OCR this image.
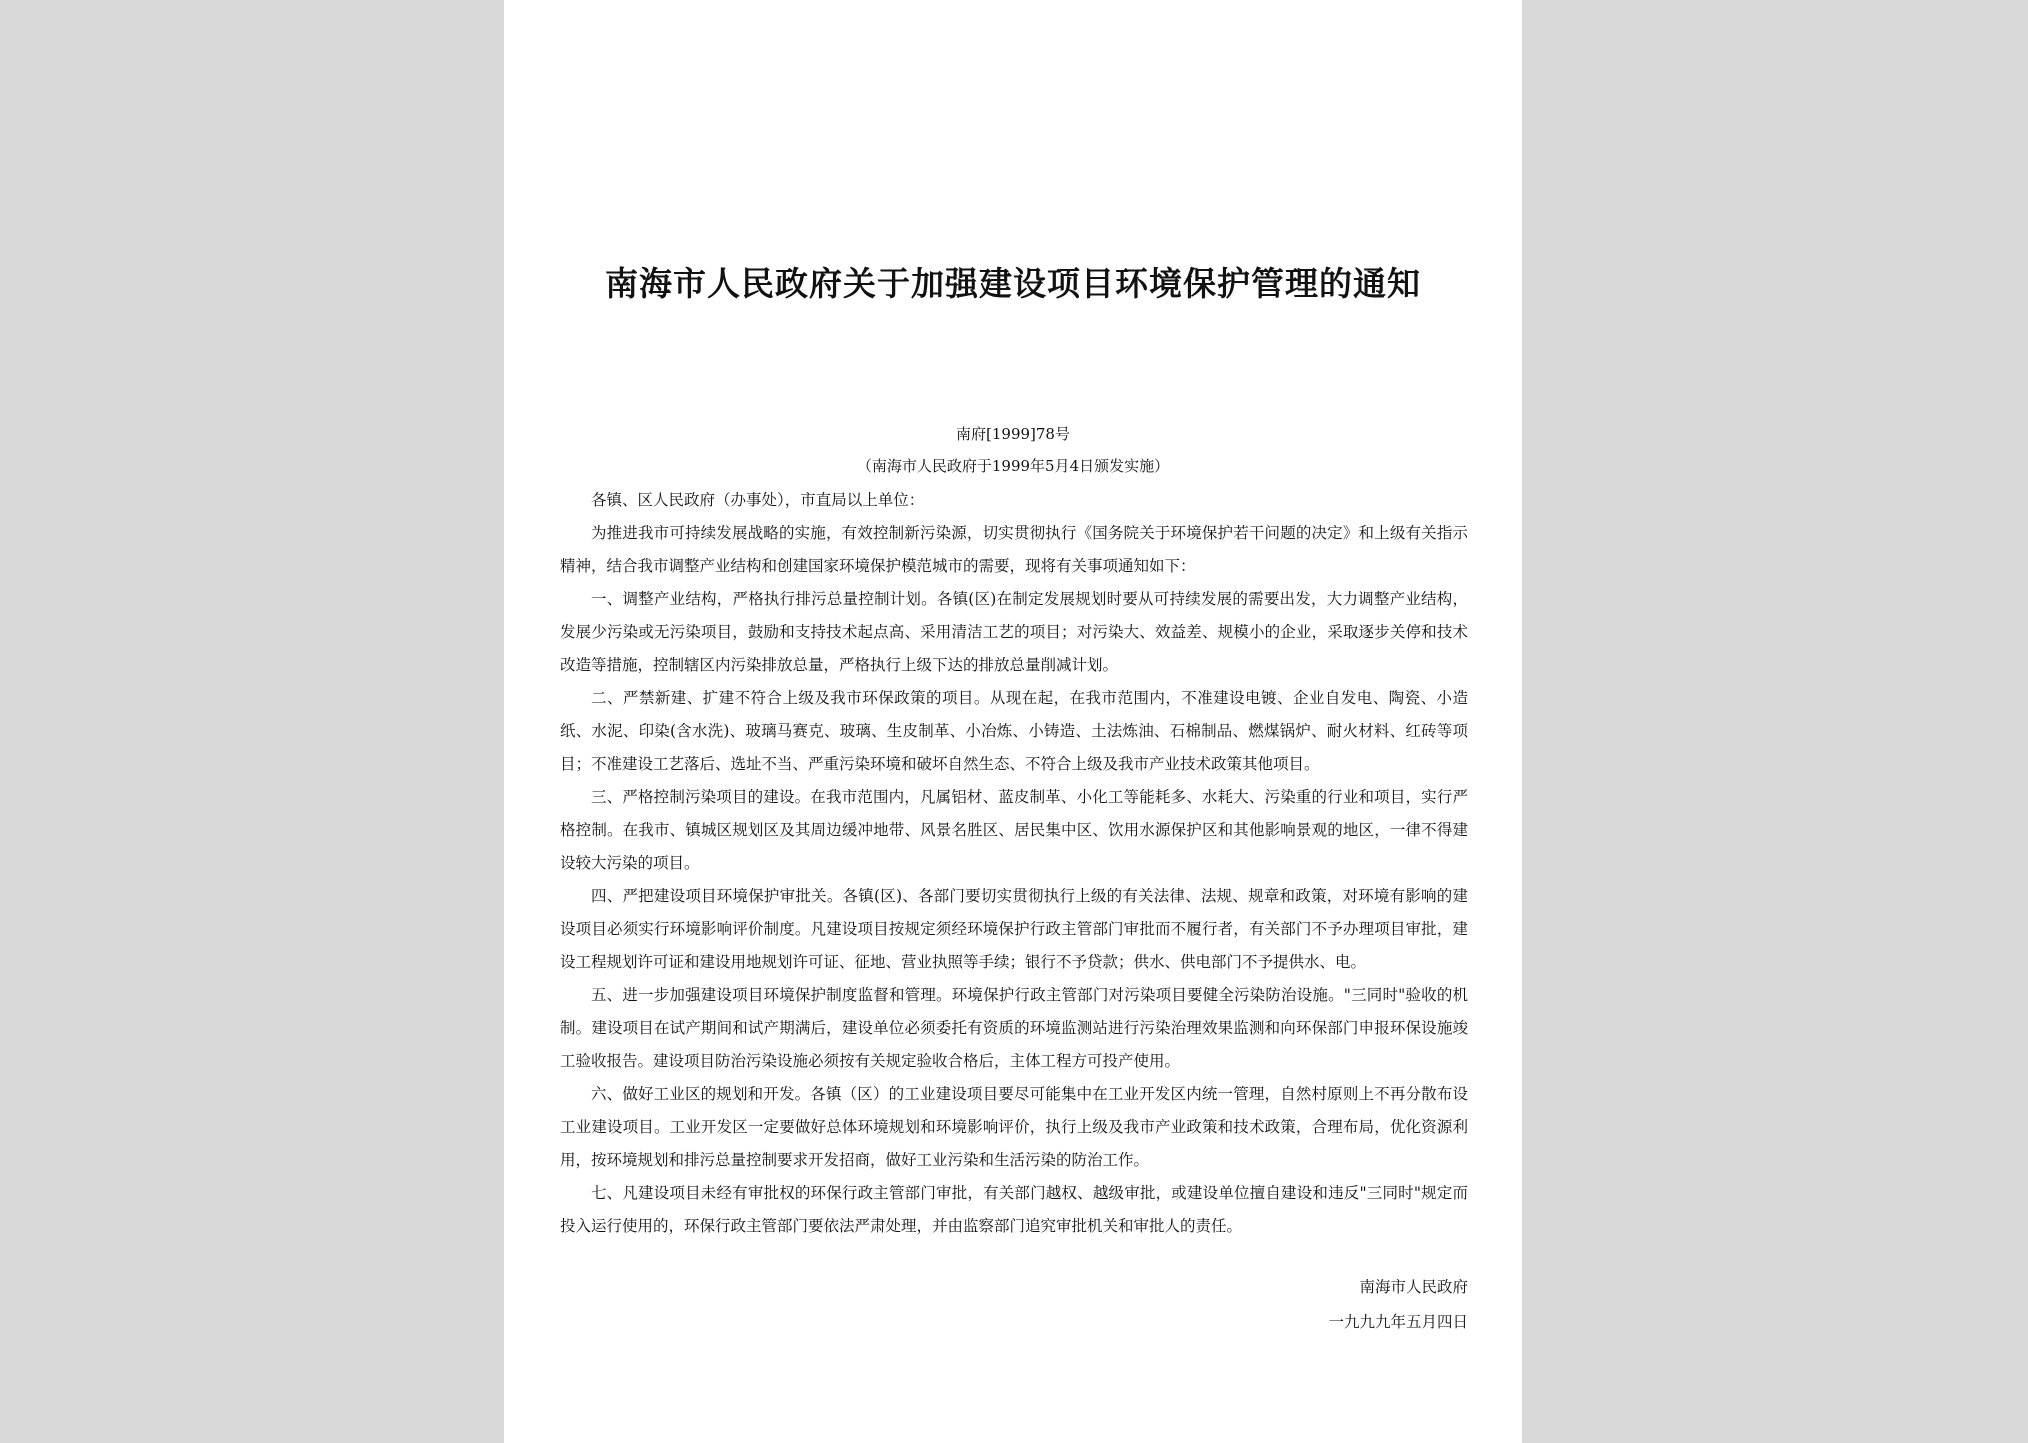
南海市人民政府关于加强建设项目环境保护管理的通知
南府[1999]78号
（南海市人民政府于1999年5月4日颁发实施）

各镇、区人民政府（办事处），市直局以上单位：

为推进我市可持续发展战略的实施，有效控制新污染源，切实贯彻执行《国务院关于环境保护若干问题的决定》和上级有关指示精神，结合我市调整产业结构和创建国家环境保护模范城市的需要，现将有关事项通知如下：

一、调整产业结构，严格执行排污总量控制计划。各镇(区)在制定发展规划时要从可持续发展的需要出发，大力调整产业结构，发展少污染或无污染项目，鼓励和支持技术起点高、采用清洁工艺的项目；对污染大、效益差、规模小的企业，采取逐步关停和技术改造等措施，控制辖区内污染排放总量，严格执行上级下达的排放总量削减计划。

二、严禁新建、扩建不符合上级及我市环保政策的项目。从现在起，在我市范围内，不准建设电镀、企业自发电、陶瓷、小造纸、水泥、印染(含水洗)、玻璃马赛克、玻璃、生皮制革、小冶炼、小铸造、土法炼油、石棉制品、燃煤锅炉、耐火材料、红砖等项目；不准建设工艺落后、选址不当、严重污染环境和破坏自然生态、不符合上级及我市产业技术政策其他项目。

三、严格控制污染项目的建设。在我市范围内，凡属铝材、蓝皮制革、小化工等能耗多、水耗大、污染重的行业和项目，实行严格控制。在我市、镇城区规划区及其周边缓冲地带、风景名胜区、居民集中区、饮用水源保护区和其他影响景观的地区，一律不得建设较大污染的项目。

四、严把建设项目环境保护审批关。各镇(区)、各部门要切实贯彻执行上级的有关法律、法规、规章和政策，对环境有影响的建设项目必须实行环境影响评价制度。凡建设项目按规定须经环境保护行政主管部门审批而不履行者，有关部门不予办理项目审批，建设工程规划许可证和建设用地规划许可证、征地、营业执照等手续；银行不予贷款；供水、供电部门不予提供水、电。

五、进一步加强建设项目环境保护制度监督和管理。环境保护行政主管部门对污染项目要健全污染防治设施。"三同时"验收的机制。建设项目在试产期间和试产期满后，建设单位必须委托有资质的环境监测站进行污染治理效果监测和向环保部门申报环保设施竣工验收报告。建设项目防治污染设施必须按有关规定验收合格后，主体工程方可投产使用。

六、做好工业区的规划和开发。各镇（区）的工业建设项目要尽可能集中在工业开发区内统一管理，自然村原则上不再分散布设工业建设项目。工业开发区一定要做好总体环境规划和环境影响评价，执行上级及我市产业政策和技术政策，合理布局，优化资源利用，按环境规划和排污总量控制要求开发招商，做好工业污染和生活污染的防治工作。

七、凡建设项目未经有审批权的环保行政主管部门审批，有关部门越权、越级审批，或建设单位擅自建设和违反"三同时"规定而投入运行使用的，环保行政主管部门要依法严肃处理，并由监察部门追究审批机关和审批人的责任。

南海市人民政府
一九九九年五月四日
